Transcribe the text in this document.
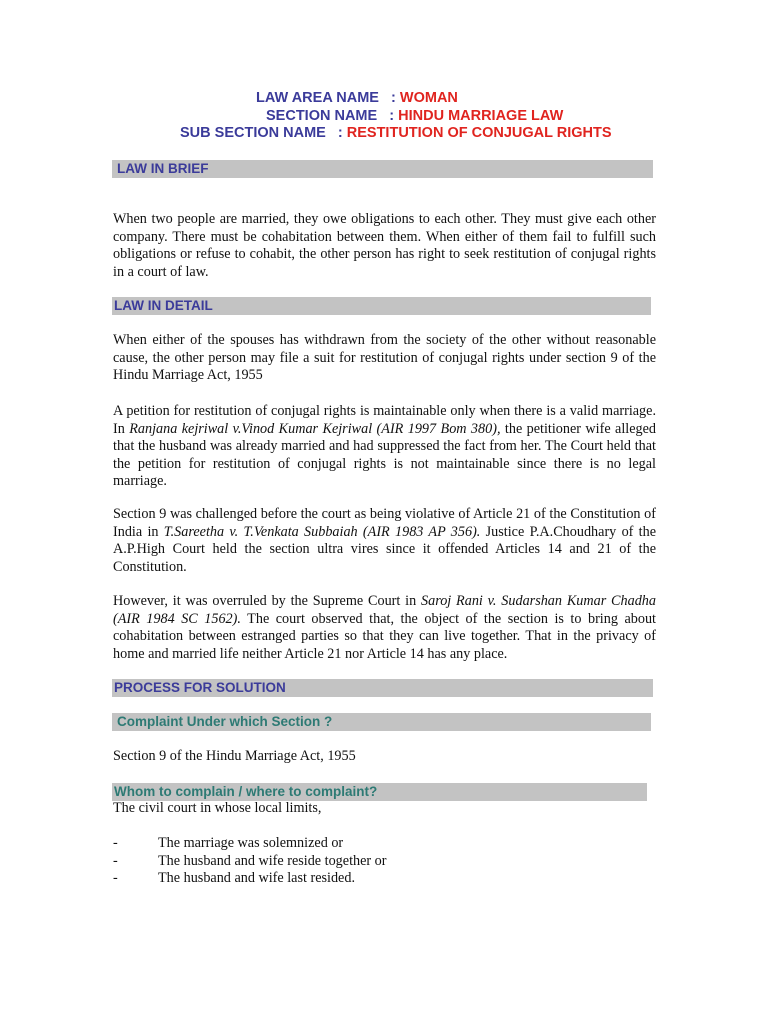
LAW AREA NAME   : WOMAN
SECTION NAME   : HINDU MARRIAGE LAW
SUB SECTION NAME   : RESTITUTION OF CONJUGAL RIGHTS
LAW IN BRIEF

When two people are married, they owe obligations to each other. They must give each other company. There must be cohabitation between them. When either of them fail to fulfill such obligations or refuse to cohabit, the other person has right to seek restitution of conjugal rights in a court of law.

LAW IN DETAIL

When either of the spouses has withdrawn from the society of the other without reasonable cause, the other person may file a suit for restitution of conjugal rights under section 9 of the Hindu Marriage Act, 1955

A petition for restitution of conjugal rights is maintainable only when there is a valid marriage. In Ranjana kejriwal v.Vinod Kumar Kejriwal (AIR 1997 Bom 380), the petitioner wife alleged that the husband was already married and had suppressed the fact from her. The Court held that the petition for restitution of conjugal rights is not maintainable since there is no legal marriage.

Section 9 was challenged before the court as being violative of Article 21 of the Constitution of India in T.Sareetha v. T.Venkata Subbaiah (AIR 1983 AP 356). Justice P.A.Choudhary of the A.P.High Court held the section ultra vires since it offended Articles 14 and 21 of the Constitution.

However, it was overruled by the Supreme Court in Saroj Rani v. Sudarshan Kumar Chadha (AIR 1984 SC 1562). The court observed that, the object of the section is to bring about cohabitation between estranged parties so that they can live together. That in the privacy of home and married life neither Article 21 nor Article 14 has any place.

PROCESS FOR SOLUTION
Complaint Under which Section ?

Section 9 of the Hindu Marriage Act, 1955

Whom to complain / where to complaint?

The civil court in whose local limits,

-	The marriage was solemnized or
-	The husband and wife reside together or
-	The husband and wife last resided.
